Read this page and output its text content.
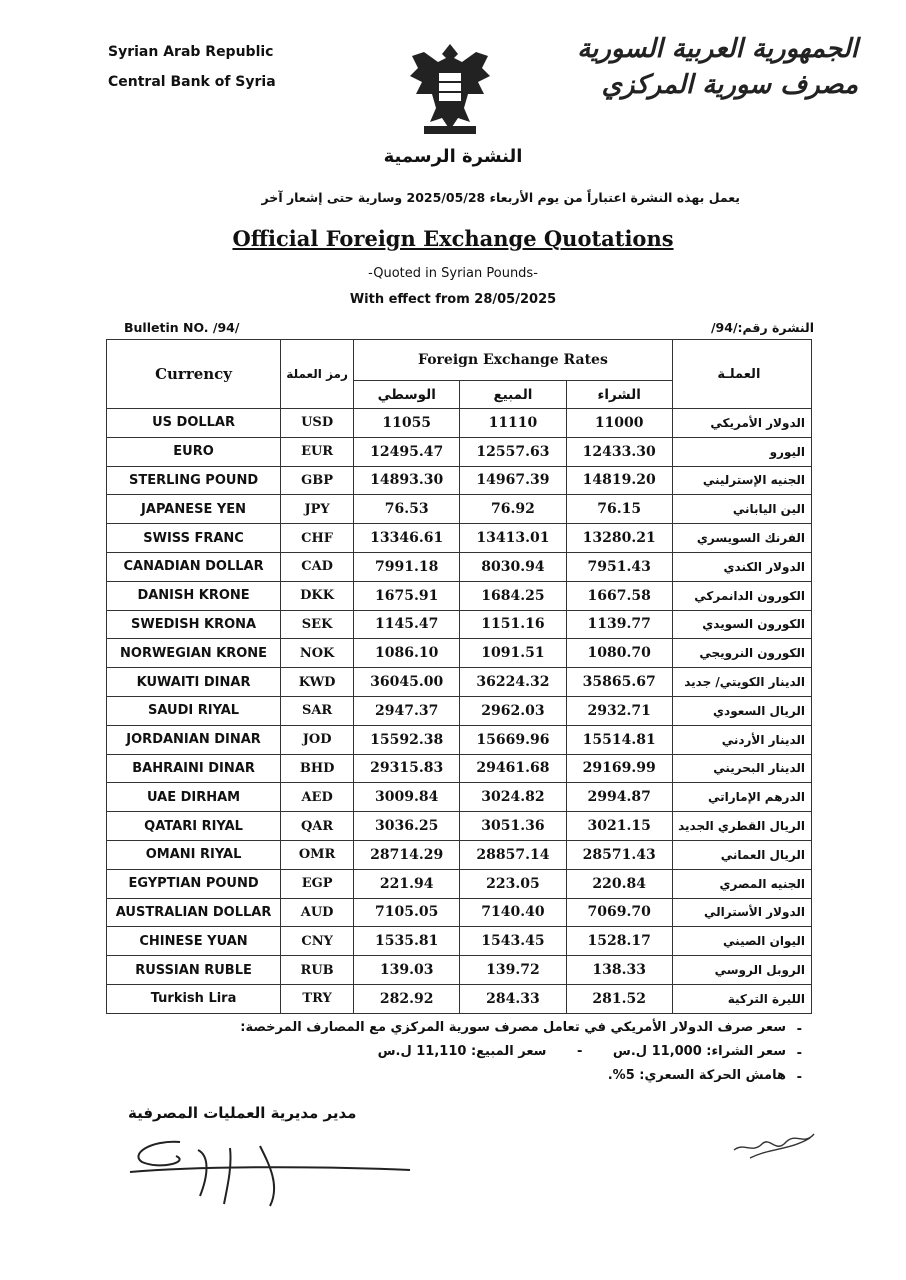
Syrian Arab Republic
Central Bank of Syria
الجمهورية العربية السورية
مصرف سورية المركزي
النشرة الرسمية
يعمل بهذه النشرة اعتباراً من يوم الأربعاء 2025/05/28 وسارية حتى إشعار آخر
Official Foreign Exchange Quotations
-Quoted in Syrian Pounds-
With effect from 28/05/2025
Bulletin NO. /94/	النشرة رقم:/94/
Currency	رمز العملة	Foreign Exchange Rates			العملـة
		الوسطي	المبيع	الشراء	
US DOLLAR	USD	11055	11110	11000	الدولار الأمريكي
EURO	EUR	12495.47	12557.63	12433.30	اليورو
STERLING POUND	GBP	14893.30	14967.39	14819.20	الجنيه الإسترليني
JAPANESE YEN	JPY	76.53	76.92	76.15	الين الياباني
SWISS FRANC	CHF	13346.61	13413.01	13280.21	الفرنك السويسري
CANADIAN DOLLAR	CAD	7991.18	8030.94	7951.43	الدولار الكندي
DANISH KRONE	DKK	1675.91	1684.25	1667.58	الكورون الدانمركي
SWEDISH KRONA	SEK	1145.47	1151.16	1139.77	الكورون السويدي
NORWEGIAN KRONE	NOK	1086.10	1091.51	1080.70	الكورون النرويجي
KUWAITI DINAR	KWD	36045.00	36224.32	35865.67	الدينار الكويتي/ جديد
SAUDI RIYAL	SAR	2947.37	2962.03	2932.71	الريال السعودي
JORDANIAN DINAR	JOD	15592.38	15669.96	15514.81	الدينار الأردني
BAHRAINI DINAR	BHD	29315.83	29461.68	29169.99	الدينار البحريني
UAE DIRHAM	AED	3009.84	3024.82	2994.87	الدرهم الإماراتي
QATARI RIYAL	QAR	3036.25	3051.36	3021.15	الريال القطري الجديد
OMANI RIYAL	OMR	28714.29	28857.14	28571.43	الريال العماني
EGYPTIAN POUND	EGP	221.94	223.05	220.84	الجنيه المصري
AUSTRALIAN DOLLAR	AUD	7105.05	7140.40	7069.70	الدولار الأسترالي
CHINESE YUAN	CNY	1535.81	1543.45	1528.17	اليوان الصيني
RUSSIAN RUBLE	RUB	139.03	139.72	138.33	الروبل الروسي
Turkish Lira	TRY	282.92	284.33	281.52	الليرة التركية
-
سعر صرف الدولار الأمريكي في تعامل مصرف سورية المركزي مع المصارف المرخصة:
-
سعر الشراء: 11,000 ل.س - سعر المبيع: 11,110 ل.س
-
هامش الحركة السعري: 5%.
مدير مديرية العمليات المصرفية
